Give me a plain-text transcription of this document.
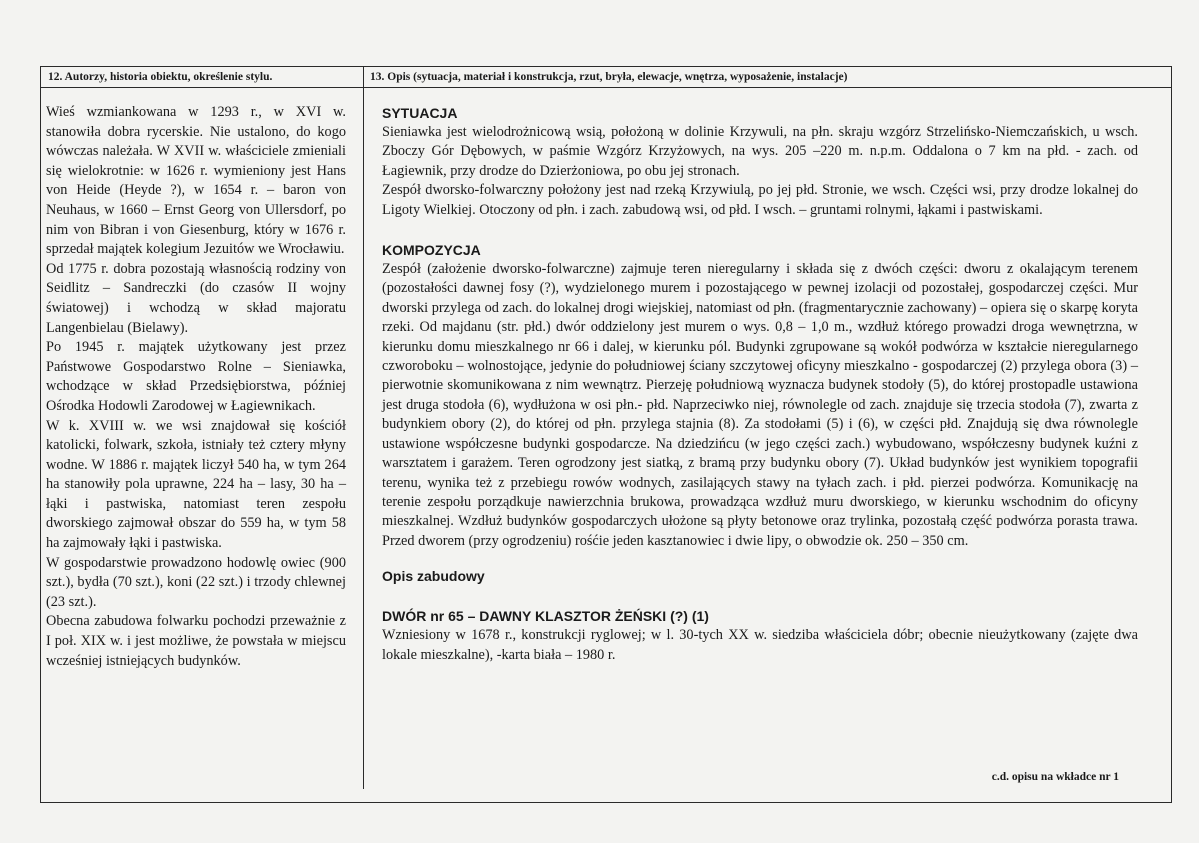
12. Autorzy, historia obiektu, określenie stylu.	13. Opis (sytuacja, materiał i konstrukcja, rzut, bryła, elewacje, wnętrza, wyposażenie, instalacje)

Wieś wzmiankowana w 1293 r., w XVI w. stanowiła dobra rycerskie. Nie ustalono, do kogo wówczas należała. W XVII w. właściciele zmieniali się wielokrotnie: w 1626 r. wymieniony jest Hans von Heide (Heyde ?), w 1654 r. – baron von Neuhaus, w 1660 – Ernst Georg von Ullersdorf, po nim von Bibran i von Giesenburg, który w 1676 r. sprzedał majątek kolegium Jezuitów we Wrocławiu.

Od 1775 r. dobra pozostają własnością rodziny von Seidlitz – Sandreczki (do czasów II wojny światowej) i wchodzą w skład majoratu Langenbielau (Bielawy).

Po 1945 r. majątek użytkowany jest przez Państwowe Gospodarstwo Rolne – Sieniawka, wchodzące w skład Przedsiębiorstwa, później Ośrodka Hodowli Zarodowej w Łagiewnikach.

W k. XVIII w. we wsi znajdował się kościół katolicki, folwark, szkoła, istniały też cztery młyny wodne. W 1886 r. majątek liczył 540 ha, w tym 264 ha stanowiły pola uprawne, 224 ha – lasy, 30 ha – łąki i pastwiska, natomiast teren zespołu dworskiego zajmował obszar do 559 ha, w tym 58 ha zajmowały łąki i pastwiska.

W gospodarstwie prowadzono hodowlę owiec (900 szt.), bydła (70 szt.), koni (22 szt.) i trzody chlewnej (23 szt.).

Obecna zabudowa folwarku pochodzi przeważnie z I poł. XIX w. i jest możliwe, że powstała w miejscu wcześniej istniejących budynków.

SYTUACJA

Sieniawka jest wielodrożnicową wsią, położoną w dolinie Krzywuli, na płn. skraju wzgórz Strzelińsko-Niemczańskich, u wsch. Zboczy Gór Dębowych, w paśmie Wzgórz Krzyżowych, na wys. 205 –220 m. n.p.m. Oddalona o 7 km na płd. - zach. od Łagiewnik, przy drodze do Dzierżoniowa, po obu jej stronach.

Zespół dworsko-folwarczny położony jest nad rzeką Krzywiulą, po jej płd. Stronie, we wsch. Części wsi, przy drodze lokalnej do Ligoty Wielkiej. Otoczony od płn. i zach. zabudową wsi, od płd. I wsch. – gruntami rolnymi, łąkami i pastwiskami.

KOMPOZYCJA

Zespół (założenie dworsko-folwarczne) zajmuje teren nieregularny i składa się z dwóch części: dworu z okalającym terenem (pozostałości dawnej fosy (?), wydzielonego murem i pozostającego w pewnej izolacji od pozostałej, gospodarczej części. Mur dworski przylega od zach. do lokalnej drogi wiejskiej, natomiast od płn. (fragmentarycznie zachowany) – opiera się o skarpę koryta rzeki. Od majdanu (str. płd.) dwór oddzielony jest murem o wys. 0,8 – 1,0 m., wzdłuż którego prowadzi droga wewnętrzna, w kierunku domu mieszkalnego nr 66 i dalej, w kierunku pól. Budynki zgrupowane są wokół podwórza w kształcie nieregularnego czworoboku – wolnostojące, jedynie do południowej ściany szczytowej oficyny mieszkalno - gospodarczej (2) przylega obora (3) – pierwotnie skomunikowana z nim wewnątrz. Pierzeję południową wyznacza budynek stodoły (5), do której prostopadle ustawiona jest druga stodoła (6), wydłużona w osi płn.- płd. Naprzeciwko niej, równolegle od zach. znajduje się trzecia stodoła (7), zwarta z budynkiem obory (2), do której od płn. przylega stajnia (8). Za stodołami (5) i (6), w części płd. Znajdują się dwa równolegle ustawione współczesne budynki gospodarcze. Na dziedzińcu (w jego części zach.) wybudowano, współczesny budynek kuźni z warsztatem i garażem. Teren ogrodzony jest siatką, z bramą przy budynku obory (7). Układ budynków jest wynikiem topografii terenu, wynika też z przebiegu rowów wodnych, zasilających stawy na tyłach zach. i płd. pierzei podwórza. Komunikację na terenie zespołu porządkuje nawierzchnia brukowa, prowadząca wzdłuż muru dworskiego, w kierunku wschodnim do oficyny mieszkalnej. Wzdłuż budynków gospodarczych ułożone są płyty betonowe oraz trylinka, pozostałą część podwórza porasta trawa. Przed dworem (przy ogrodzeniu) rośćie jeden kasztanowiec i dwie lipy, o obwodzie ok. 250 – 350 cm.

Opis zabudowy

DWÓR nr 65 – DAWNY KLASZTOR ŻEŃSKI (?) (1)

Wzniesiony w 1678 r., konstrukcji ryglowej; w l. 30-tych XX w. siedziba właściciela dóbr; obecnie nieużytkowany (zajęte dwa lokale mieszkalne), -karta biała – 1980 r.

c.d. opisu na wkładce nr 1
